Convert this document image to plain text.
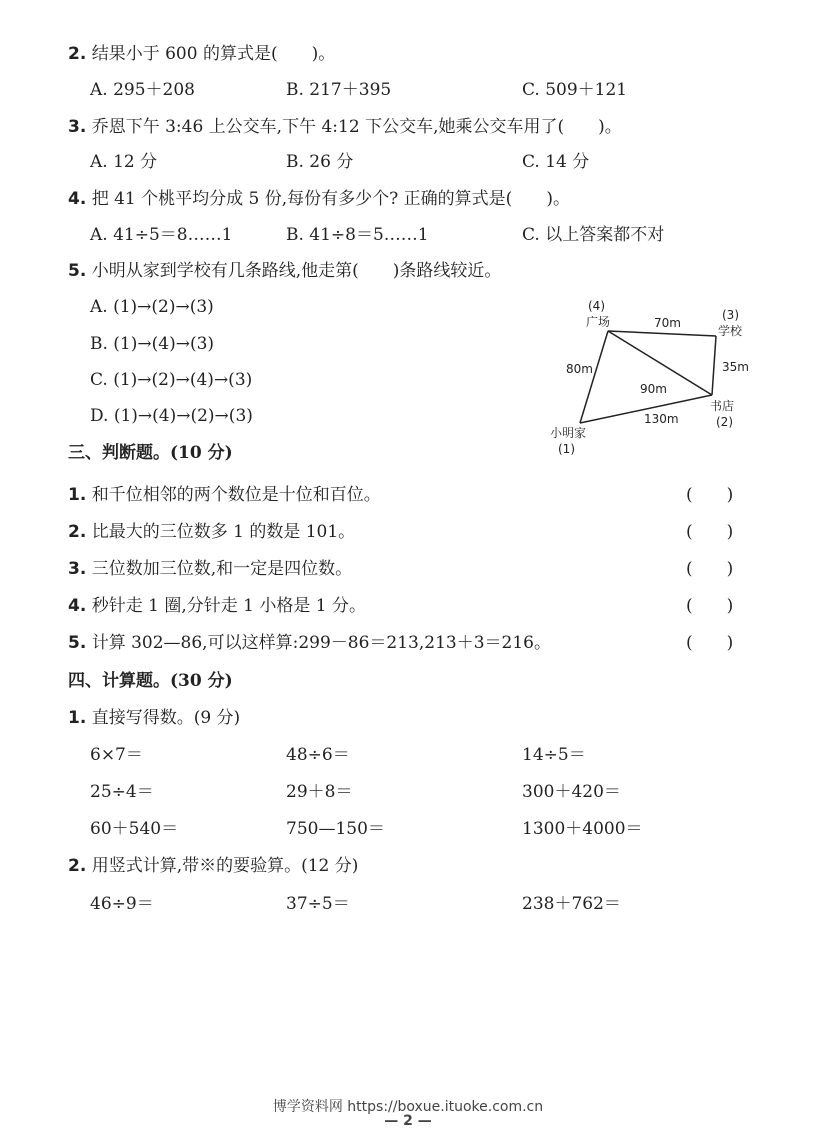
2. 结果小于 600 的算式是(　　)。
A. 295＋208	B. 217＋395	C. 509＋121
3. 乔恩下午 3:46 上公交车,下午 4:12 下公交车,她乘公交车用了(　　)。
A. 12 分	B. 26 分	C. 14 分
4. 把 41 个桃平均分成 5 份,每份有多少个? 正确的算式是(　　)。
A. 41÷5＝8……1	B. 41÷8＝5……1	C. 以上答案都不对
5. 小明从家到学校有几条路线,他走第(　　)条路线较近。
A. (1)→(2)→(3)
B. (1)→(4)→(3)
C. (1)→(2)→(4)→(3)
D. (1)→(4)→(2)→(3)
(4)
广场	(3)
学校
70m
80m	35m
90m
130m
书店
(2)
小明家
(1)
三、判断题。(10 分)
1. 和千位相邻的两个数位是十位和百位。	(　　)
2. 比最大的三位数多 1 的数是 101。	(　　)
3. 三位数加三位数,和一定是四位数。	(　　)
4. 秒针走 1 圈,分针走 1 小格是 1 分。	(　　)
5. 计算 302—86,可以这样算:299－86＝213,213＋3＝216。	(　　)
四、计算题。(30 分)
1. 直接写得数。(9 分)
6×7＝	48÷6＝	14÷5＝
25÷4＝	29＋8＝	300＋420＝
60＋540＝	750—150＝	1300＋4000＝
2. 用竖式计算,带※的要验算。(12 分)
46÷9＝	37÷5＝	238＋762＝
博学资料网 https://boxue.ituoke.com.cn
— 2 —
